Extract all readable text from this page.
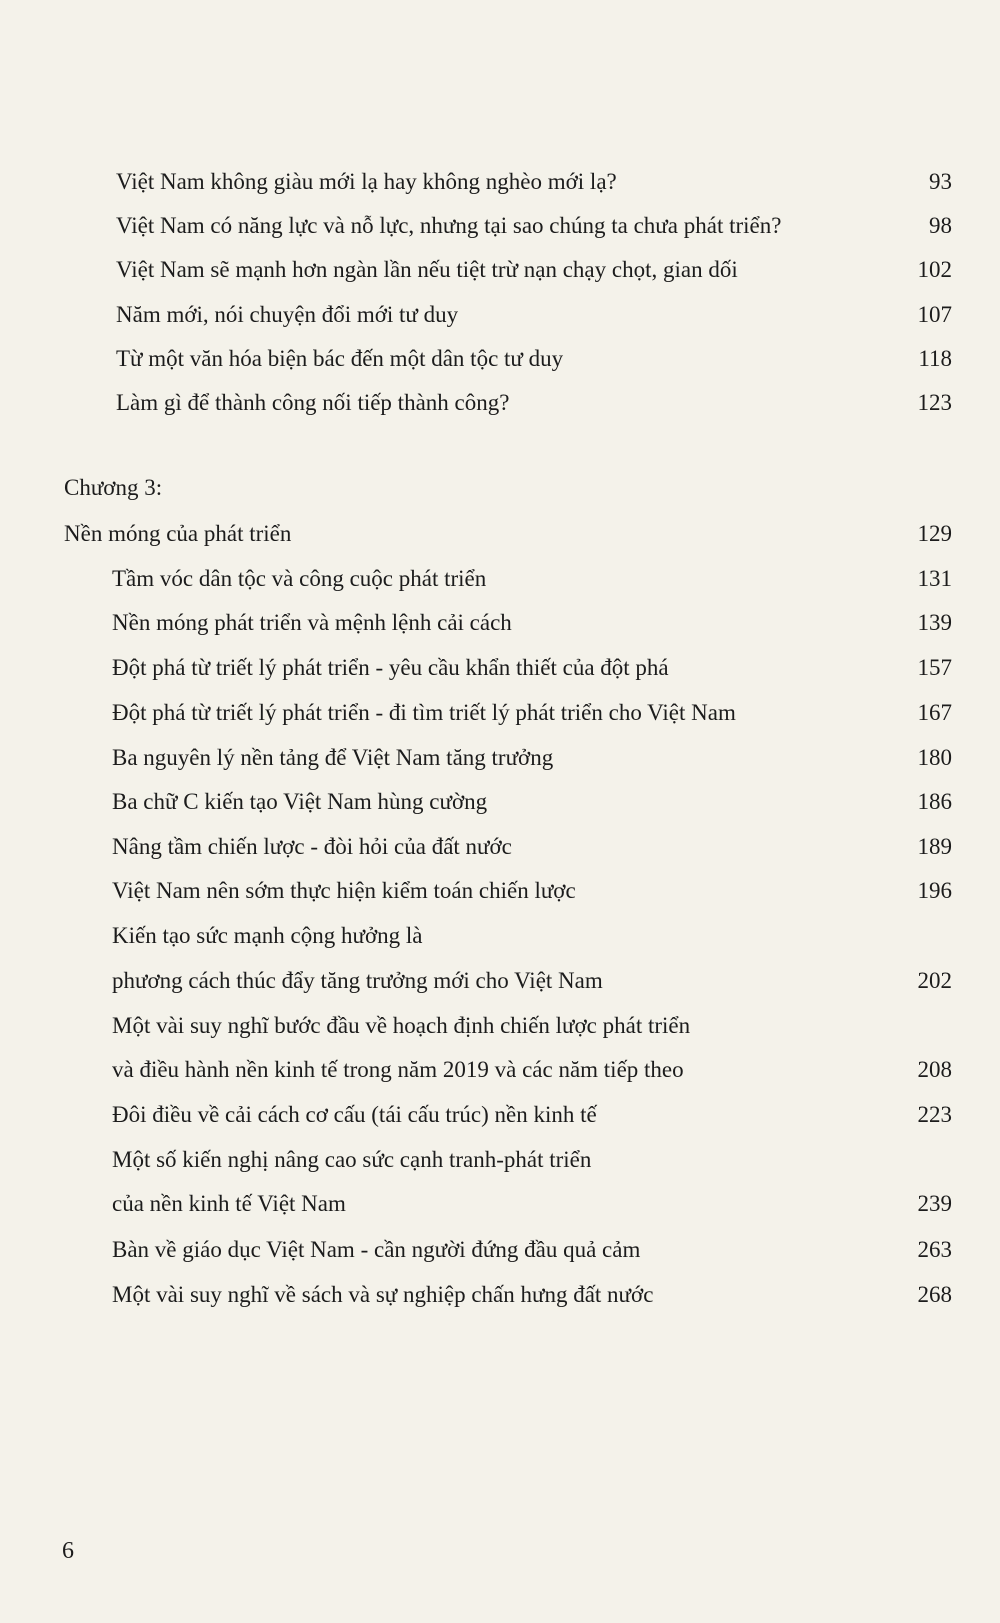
Việt Nam không giàu mới lạ hay không nghèo mới lạ?	93
Việt Nam có năng lực và nỗ lực, nhưng tại sao chúng ta chưa phát triển?	98
Việt Nam sẽ mạnh hơn ngàn lần nếu tiệt trừ nạn chạy chọt, gian dối	102
Năm mới, nói chuyện đổi mới tư duy	107
Từ một văn hóa biện bác đến một dân tộc tư duy	118
Làm gì để thành công nối tiếp thành công?	123
Chương 3:
Nền móng của phát triển	129
Tầm vóc dân tộc và công cuộc phát triển	131
Nền móng phát triển và mệnh lệnh cải cách	139
Đột phá từ triết lý phát triển - yêu cầu khẩn thiết của đột phá	157
Đột phá từ triết lý phát triển - đi tìm triết lý phát triển cho Việt Nam	167
Ba nguyên lý nền tảng để Việt Nam tăng trưởng	180
Ba chữ C kiến tạo Việt Nam hùng cường	186
Nâng tầm chiến lược - đòi hỏi của đất nước	189
Việt Nam nên sớm thực hiện kiểm toán chiến lược	196
Kiến tạo sức mạnh cộng hưởng là
phương cách thúc đẩy tăng trưởng mới cho Việt Nam	202
Một vài suy nghĩ bước đầu về hoạch định chiến lược phát triển
và điều hành nền kinh tế trong năm 2019 và các năm tiếp theo	208
Đôi điều về cải cách cơ cấu (tái cấu trúc) nền kinh tế	223
Một số kiến nghị nâng cao sức cạnh tranh-phát triển
của nền kinh tế Việt Nam	239
Bàn về giáo dục Việt Nam - cần người đứng đầu quả cảm	263
Một vài suy nghĩ về sách và sự nghiệp chấn hưng đất nước	268
6
